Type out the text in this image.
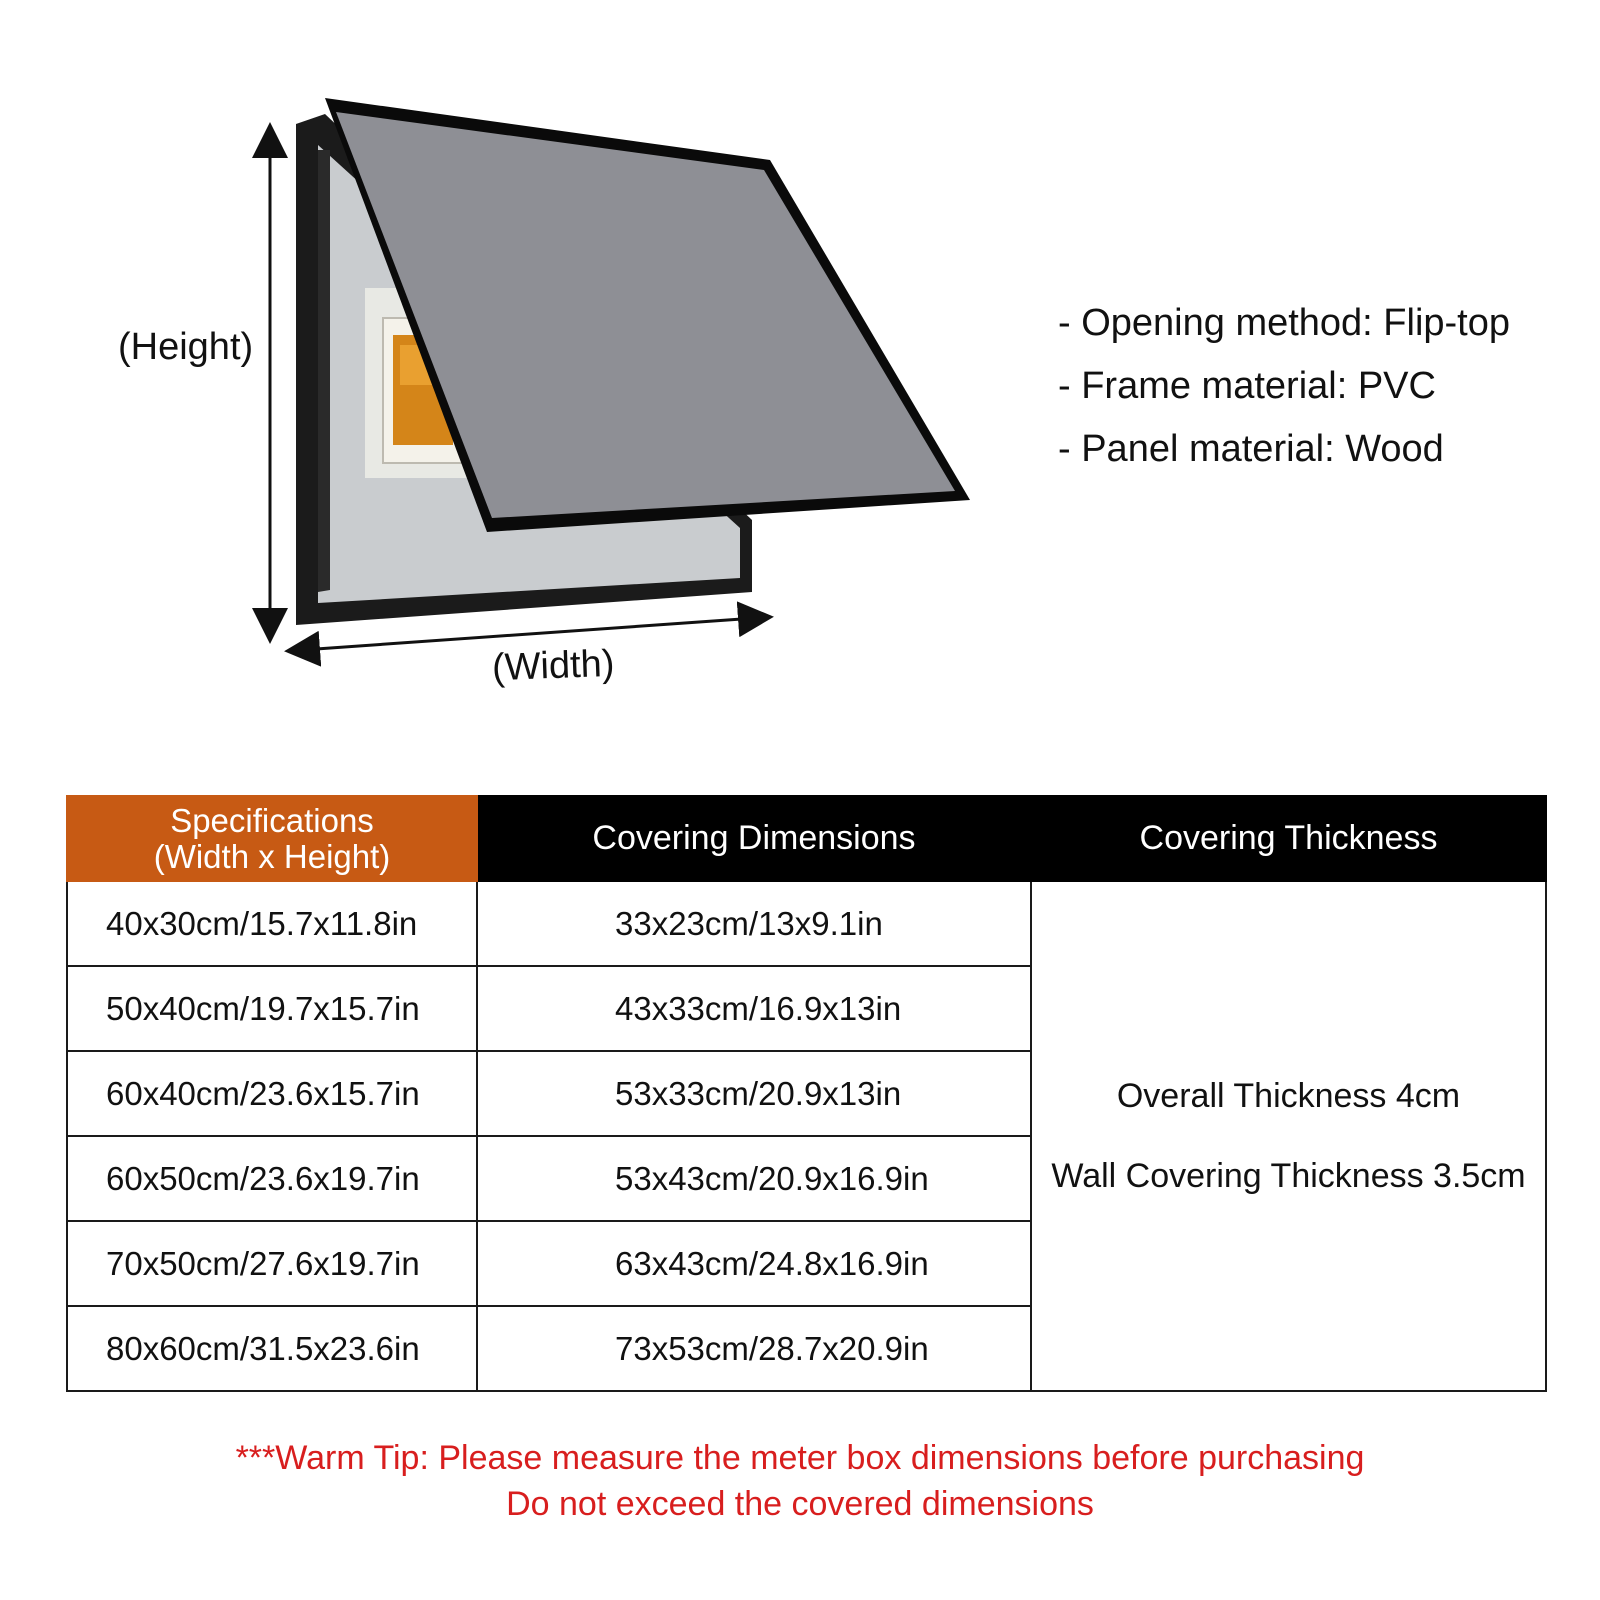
(Height)
(Width)
- Opening method: Flip-top
- Frame material: PVC
- Panel material: Wood
Specifications
(Width x Height)	Covering Dimensions	Covering Thickness
40x30cm/15.7x11.8in	33x23cm/13x9.1in	Overall Thickness 4cm
Wall Covering Thickness 3.5cm

50x40cm/19.7x15.7in	43x33cm/16.9x13in	
60x40cm/23.6x15.7in	53x33cm/20.9x13in	
60x50cm/23.6x19.7in	53x43cm/20.9x16.9in	
70x50cm/27.6x19.7in	63x43cm/24.8x16.9in	
80x60cm/31.5x23.6in	73x53cm/28.7x20.9in	
***Warm Tip: Please measure the meter box dimensions before purchasing
Do not exceed the covered dimensions
